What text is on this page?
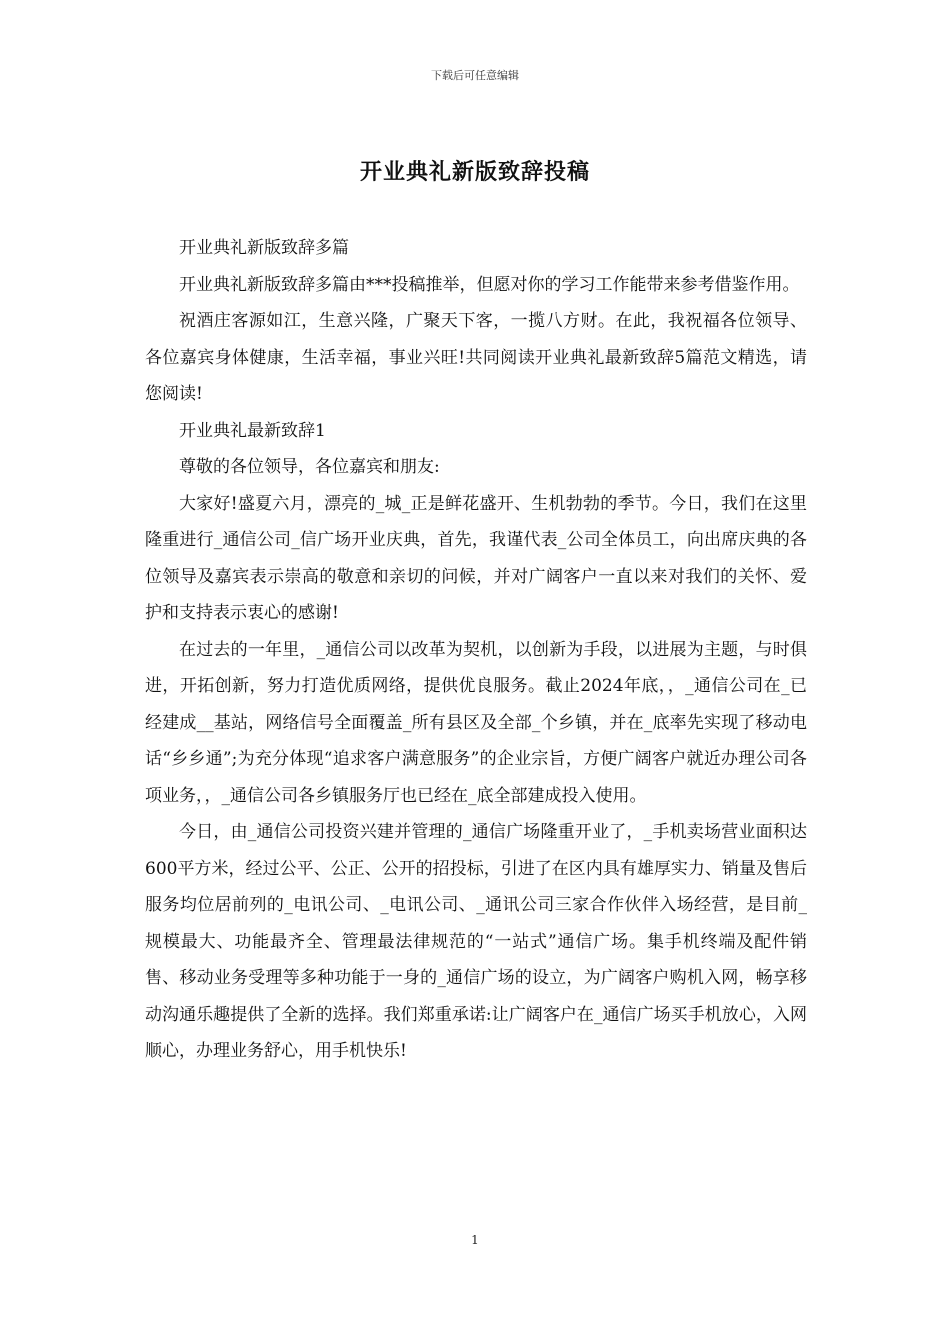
下载后可任意编辑
开业典礼新版致辞投稿

开业典礼新版致辞多篇

开业典礼新版致辞多篇由***投稿推举，但愿对你的学习工作能带来参考借鉴作用。

祝酒庄客源如江，生意兴隆，广聚天下客，一揽八方财。在此，我祝福各位领导、各位嘉宾身体健康，生活幸福，事业兴旺!共同阅读开业典礼最新致辞5篇范文精选，请您阅读!

开业典礼最新致辞1

尊敬的各位领导，各位嘉宾和朋友:

大家好!盛夏六月，漂亮的_城_正是鲜花盛开、生机勃勃的季节。今日，我们在这里隆重进行_通信公司_信广场开业庆典，首先，我谨代表_公司全体员工，向出席庆典的各位领导及嘉宾表示崇高的敬意和亲切的问候，并对广阔客户一直以来对我们的关怀、爱护和支持表示衷心的感谢!

在过去的一年里，_通信公司以改革为契机，以创新为手段，以进展为主题，与时俱进，开拓创新，努力打造优质网络，提供优良服务。截止2024年底，，_通信公司在_已经建成__基站，网络信号全面覆盖_所有县区及全部_个乡镇，并在_底率先实现了移动电话“乡乡通”;为充分体现“追求客户满意服务”的企业宗旨，方便广阔客户就近办理公司各项业务，，_通信公司各乡镇服务厅也已经在_底全部建成投入使用。

今日，由_通信公司投资兴建并管理的_通信广场隆重开业了，_手机卖场营业面积达600平方米，经过公平、公正、公开的招投标，引进了在区内具有雄厚实力、销量及售后服务均位居前列的_电讯公司、_电讯公司、_通讯公司三家合作伙伴入场经营，是目前_规模最大、功能最齐全、管理最法律规范的“一站式”通信广场。集手机终端及配件销售、移动业务受理等多种功能于一身的_通信广场的设立，为广阔客户购机入网，畅享移动沟通乐趣提供了全新的选择。我们郑重承诺:让广阔客户在_通信广场买手机放心，入网顺心，办理业务舒心，用手机快乐!

1
